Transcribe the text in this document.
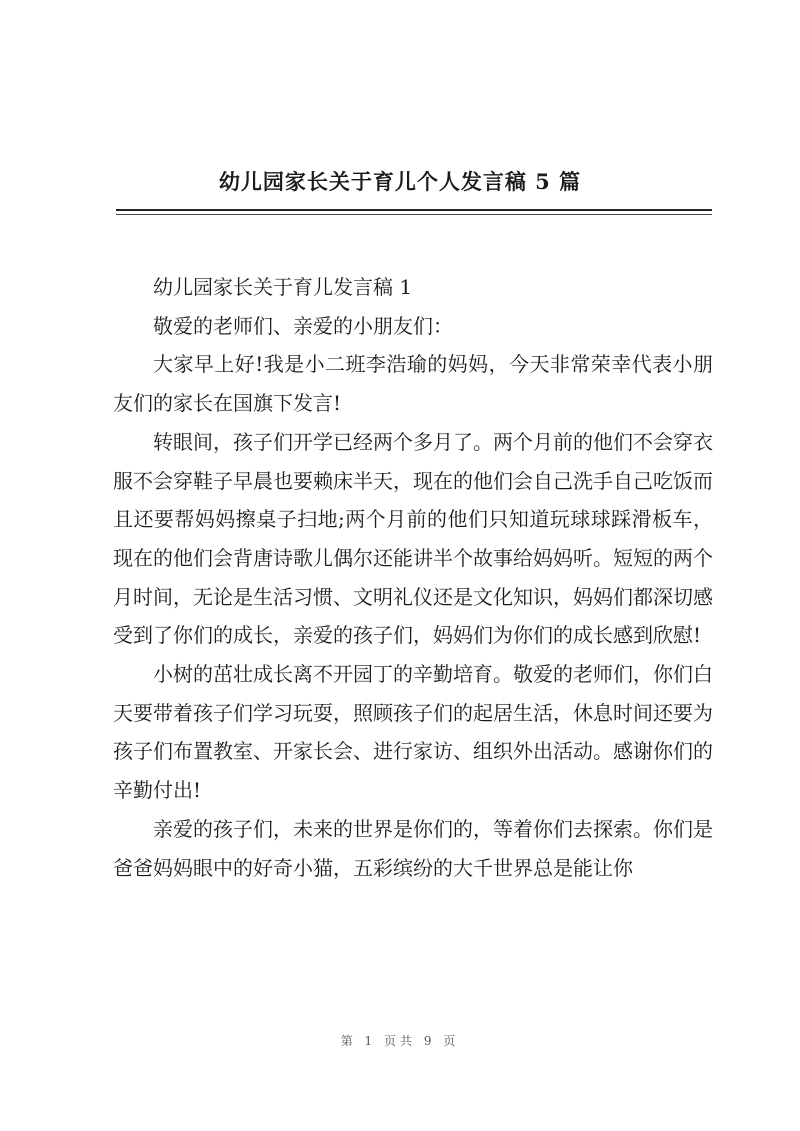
幼儿园家长关于育儿个人发言稿 5 篇

幼儿园家长关于育儿发言稿 1

敬爱的老师们、亲爱的小朋友们：

大家早上好!我是小二班李浩瑜的妈妈，今天非常荣幸代表小朋友们的家长在国旗下发言!

转眼间，孩子们开学已经两个多月了。两个月前的他们不会穿衣服不会穿鞋子早晨也要赖床半天，现在的他们会自己洗手自己吃饭而且还要帮妈妈擦桌子扫地;两个月前的他们只知道玩球球踩滑板车，现在的他们会背唐诗歌儿偶尔还能讲半个故事给妈妈听。短短的两个月时间，无论是生活习惯、文明礼仪还是文化知识，妈妈们都深切感受到了你们的成长，亲爱的孩子们，妈妈们为你们的成长感到欣慰!

小树的茁壮成长离不开园丁的辛勤培育。敬爱的老师们，你们白天要带着孩子们学习玩耍，照顾孩子们的起居生活，休息时间还要为孩子们布置教室、开家长会、进行家访、组织外出活动。感谢你们的辛勤付出!

亲爱的孩子们，未来的世界是你们的，等着你们去探索。你们是爸爸妈妈眼中的好奇小猫，五彩缤纷的大千世界总是能让你

第 1 页共 9 页
